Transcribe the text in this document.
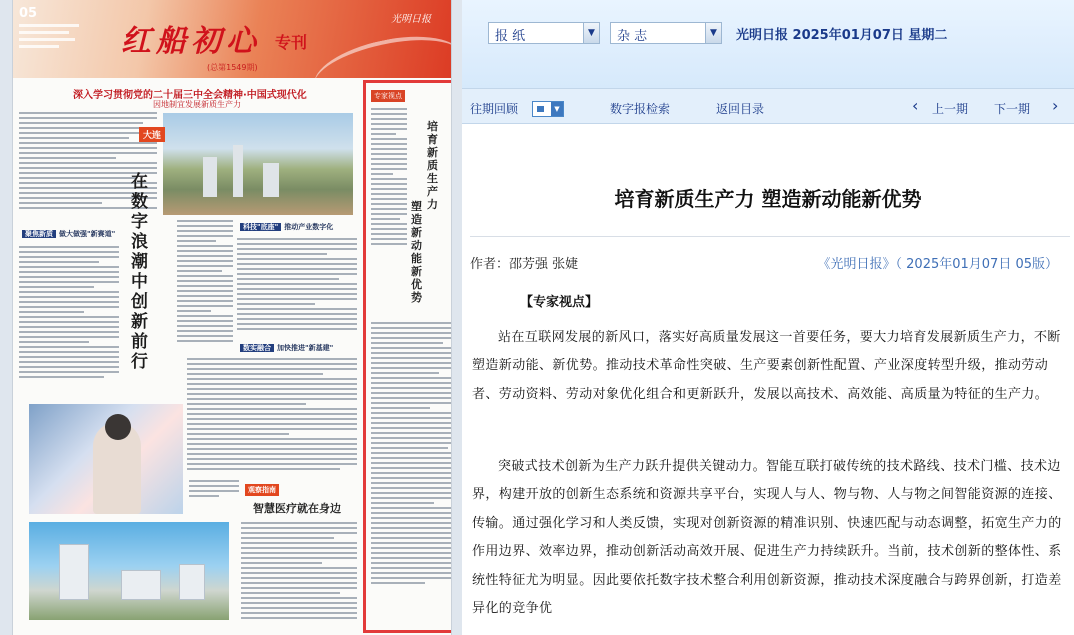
05
红船初心 专刊
(总第1549期)
光明日报
深入学习贯彻党的二十届三中全会精神·中国式现代化
因地制宜发展新质生产力
聚焦新质 做大做强"新赛道"
大连
在数字浪潮中创新前行
科技"底座" 推动产业数字化
数实融合 加快推进"新基建"
观察指南
智慧医疗就在身边
专家视点
培育新质生产力
塑造新动能新优势
报 纸	▼	杂 志	▼	光明日报 2025年01月07日 星期二
往期回顾	▼	数字报检索	返回目录	‹ 上一期 下一期 ›
培育新质生产力 塑造新动能新优势
作者：邵芳强 张婕	《光明日报》（ 2025年01月07日 05版）
【专家视点】

站在互联网发展的新风口，落实好高质量发展这一首要任务，要大力培育发展新质生产力，不断塑造新动能、新优势。推动技术革命性突破、生产要素创新性配置、产业深度转型升级，推动劳动者、劳动资料、劳动对象优化组合和更新跃升，发展以高技术、高效能、高质量为特征的生产力。

突破式技术创新为生产力跃升提供关键动力。智能互联打破传统的技术路线、技术门槛、技术边界，构建开放的创新生态系统和资源共享平台，实现人与人、物与物、人与物之间智能资源的连接、传输。通过强化学习和人类反馈，实现对创新资源的精准识别、快速匹配与动态调整，拓宽生产力的作用边界、效率边界，推动创新活动高效开展、促进生产力持续跃升。当前，技术创新的整体性、系统性特征尤为明显。因此要依托数字技术整合利用创新资源，推动技术深度融合与跨界创新，打造差异化的竞争优
